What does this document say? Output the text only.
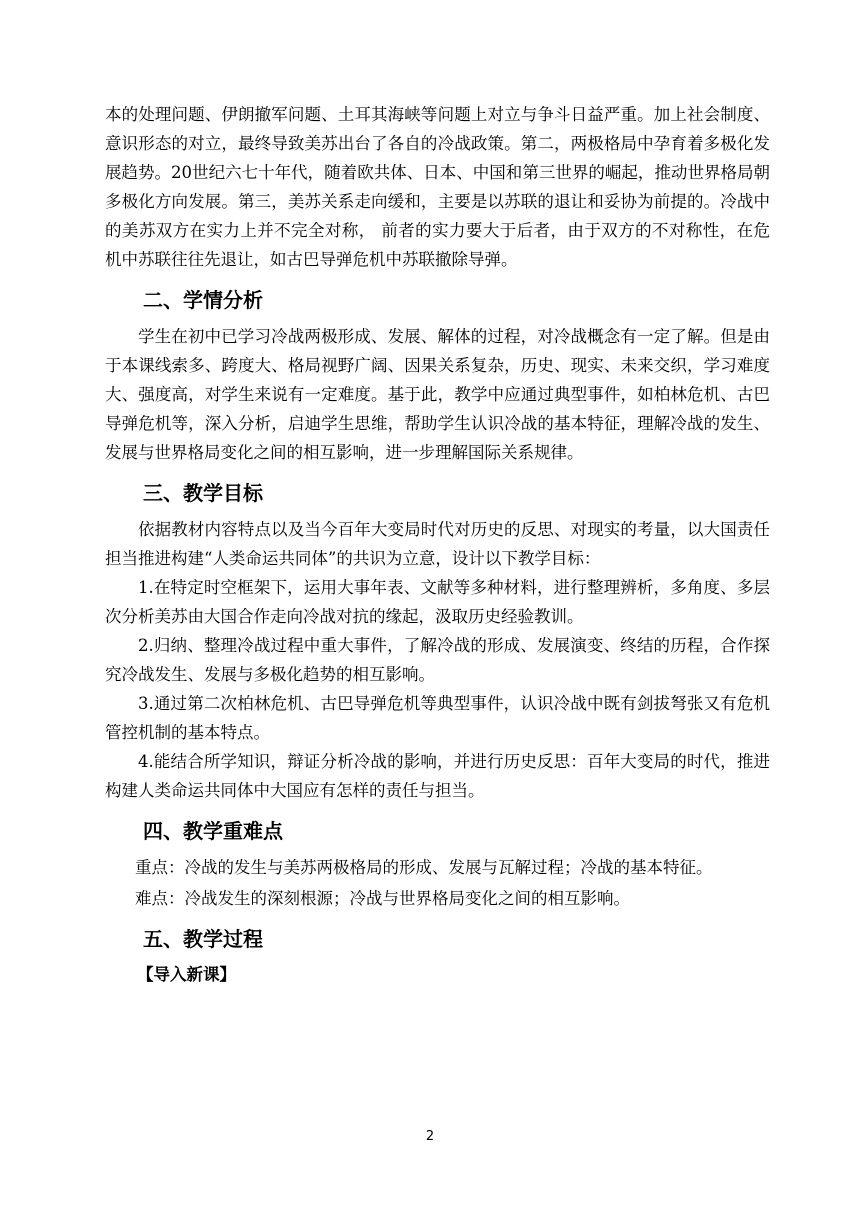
本的处理问题、伊朗撤军问题、土耳其海峡等问题上对立与争斗日益严重。加上社会制度、意识形态的对立，最终导致美苏出台了各自的冷战政策。第二，两极格局中孕育着多极化发展趋势。20世纪六七十年代，随着欧共体、日本、中国和第三世界的崛起，推动世界格局朝多极化方向发展。第三，美苏关系走向缓和，主要是以苏联的退让和妥协为前提的。冷战中的美苏双方在实力上并不完全对称， 前者的实力要大于后者，由于双方的不对称性，在危机中苏联往往先退让，如古巴导弹危机中苏联撤除导弹。

二、学情分析

学生在初中已学习冷战两极形成、发展、解体的过程，对冷战概念有一定了解。但是由于本课线索多、跨度大、格局视野广阔、因果关系复杂，历史、现实、未来交织，学习难度大、强度高，对学生来说有一定难度。基于此，教学中应通过典型事件，如柏林危机、古巴导弹危机等，深入分析，启迪学生思维，帮助学生认识冷战的基本特征，理解冷战的发生、发展与世界格局变化之间的相互影响，进一步理解国际关系规律。

三、教学目标

依据教材内容特点以及当今百年大变局时代对历史的反思、对现实的考量，以大国责任担当推进构建“人类命运共同体”的共识为立意，设计以下教学目标：

1.在特定时空框架下，运用大事年表、文献等多种材料，进行整理辨析，多角度、多层次分析美苏由大国合作走向冷战对抗的缘起，汲取历史经验教训。

2.归纳、整理冷战过程中重大事件，了解冷战的形成、发展演变、终结的历程，合作探究冷战发生、发展与多极化趋势的相互影响。

3.通过第二次柏林危机、古巴导弹危机等典型事件，认识冷战中既有剑拔弩张又有危机管控机制的基本特点。

4.能结合所学知识，辩证分析冷战的影响，并进行历史反思：百年大变局的时代，推进构建人类命运共同体中大国应有怎样的责任与担当。

四、教学重难点

重点：冷战的发生与美苏两极格局的形成、发展与瓦解过程；冷战的基本特征。

难点：冷战发生的深刻根源；冷战与世界格局变化之间的相互影响。

五、教学过程
【导入新课】
2
